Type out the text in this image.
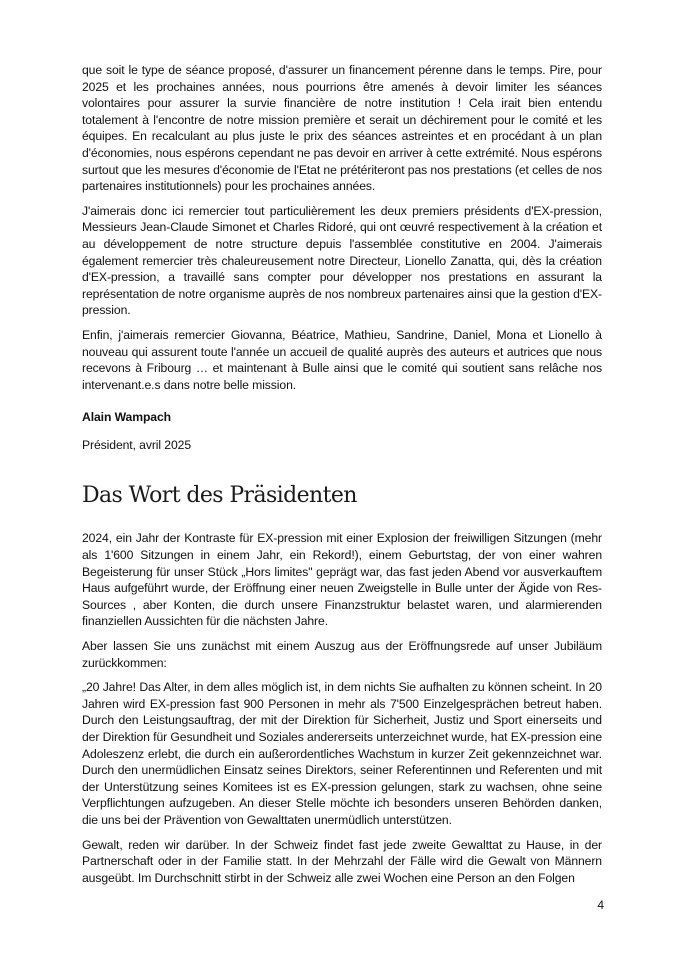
que soit le type de séance proposé, d'assurer un financement pérenne dans le temps. Pire, pour 2025 et les prochaines années, nous pourrions être amenés à devoir limiter les séances volontaires pour assurer la survie financière de notre institution ! Cela irait bien entendu totalement à l'encontre de notre mission première et serait un déchirement pour le comité et les équipes. En recalculant au plus juste le prix des séances astreintes et en procédant à un plan d'économies, nous espérons cependant ne pas devoir en arriver à cette extrémité. Nous espérons surtout que les mesures d'économie de l'Etat ne prétériteront pas nos prestations (et celles de nos partenaires institutionnels) pour les prochaines années.

J'aimerais donc ici remercier tout particulièrement les deux premiers présidents d'EX-pression, Messieurs Jean-Claude Simonet et Charles Ridoré, qui ont œuvré respectivement à la création et au développement de notre structure depuis l'assemblée constitutive en 2004. J'aimerais également remercier très chaleureusement notre Directeur, Lionello Zanatta, qui, dès la création d'EX-pression, a travaillé sans compter pour développer nos prestations en assurant la représentation de notre organisme auprès de nos nombreux partenaires ainsi que la gestion d'EX-pression.

Enfin, j'aimerais remercier Giovanna, Béatrice, Mathieu, Sandrine, Daniel, Mona et Lionello à nouveau qui assurent toute l'année un accueil de qualité auprès des auteurs et autrices que nous recevons à Fribourg … et maintenant à Bulle ainsi que le comité qui soutient sans relâche nos intervenant.e.s dans notre belle mission.

Alain Wampach

Président, avril 2025

Das Wort des Präsidenten

2024, ein Jahr der Kontraste für EX-pression mit einer Explosion der freiwilligen Sitzungen (mehr als 1'600 Sitzungen in einem Jahr, ein Rekord!), einem Geburtstag, der von einer wahren Begeisterung für unser Stück „Hors limites" geprägt war, das fast jeden Abend vor ausverkauftem Haus aufgeführt wurde, der Eröffnung einer neuen Zweigstelle in Bulle unter der Ägide von Res-Sources , aber Konten, die durch unsere Finanzstruktur belastet waren, und alarmierenden finanziellen Aussichten für die nächsten Jahre.

Aber lassen Sie uns zunächst mit einem Auszug aus der Eröffnungsrede auf unser Jubiläum zurückkommen:

„20 Jahre! Das Alter, in dem alles möglich ist, in dem nichts Sie aufhalten zu können scheint. In 20 Jahren wird EX-pression fast 900 Personen in mehr als 7'500 Einzelgesprächen betreut haben. Durch den Leistungsauftrag, der mit der Direktion für Sicherheit, Justiz und Sport einerseits und der Direktion für Gesundheit und Soziales andererseits unterzeichnet wurde, hat EX-pression eine Adoleszenz erlebt, die durch ein außerordentliches Wachstum in kurzer Zeit gekennzeichnet war. Durch den unermüdlichen Einsatz seines Direktors, seiner Referentinnen und Referenten und mit der Unterstützung seines Komitees ist es EX-pression gelungen, stark zu wachsen, ohne seine Verpflichtungen aufzugeben. An dieser Stelle möchte ich besonders unseren Behörden danken, die uns bei der Prävention von Gewalttaten unermüdlich unterstützen.

Gewalt, reden wir darüber. In der Schweiz findet fast jede zweite Gewalttat zu Hause, in der Partnerschaft oder in der Familie statt. In der Mehrzahl der Fälle wird die Gewalt von Männern ausgeübt. Im Durchschnitt stirbt in der Schweiz alle zwei Wochen eine Person an den Folgen

4
